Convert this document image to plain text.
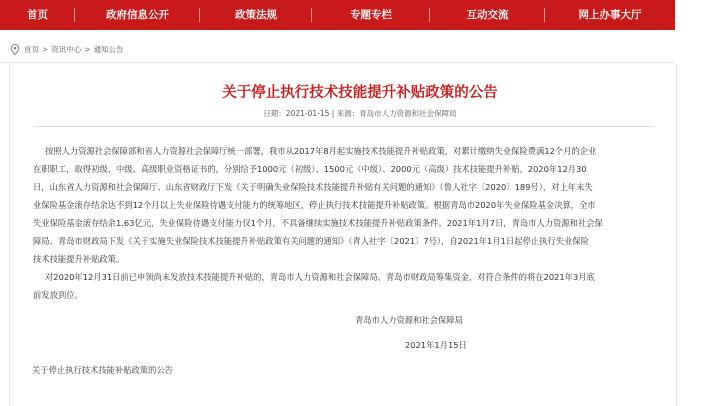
首页	政府信息公开	政策法规	专题专栏	互动交流	网上办事大厅
首页 > 资讯中心 > 通知公告
关于停止执行技术技能提升补贴政策的公告
日期：2021-01-15 | 来源：青岛市人力资源和社会保障局
按照人力资源社会保障部和省人力资源社会保障厅统一部署，我市从2017年8月起实施技术技能提升补贴政策，对累计缴纳失业保险费满12个月的企业
在职职工，取得初级、中级、高级职业资格证书的，分别给予1000元（初级）、1500元（中级）、2000元（高级）技术技能提升补贴。2020年12月30
日，山东省人力资源和社会保障厅、山东省财政厅下发《关于明确失业保险技术技能提升补贴有关问题的通知》（鲁人社字〔2020〕189号），对上年末失
业保险基金滚存结余达不到12个月以上失业保险待遇支付能力的统筹地区，停止执行技术技能提升补贴政策。根据青岛市2020年失业保险基金决算，全市
失业保险基金滚存结余1.63亿元，失业保险待遇支付能力仅1个月，不具备继续实施技术技能提升补贴政策条件。2021年1月7日，青岛市人力资源和社会保
障局、青岛市财政局下发《关于实施失业保险技术技能提升补贴政策有关问题的通知》（青人社字〔2021〕7号），自2021年1月1日起停止执行失业保险
技术技能提升补贴政策。
对2020年12月31日前已申领尚未发放技术技能提升补贴的，青岛市人力资源和社会保障局、青岛市财政局筹集资金，对符合条件的将在2021年3月底
前发放到位。
青岛市人力资源和社会保障局
2021年1月15日
关于停止执行技术技能补贴政策的公告
